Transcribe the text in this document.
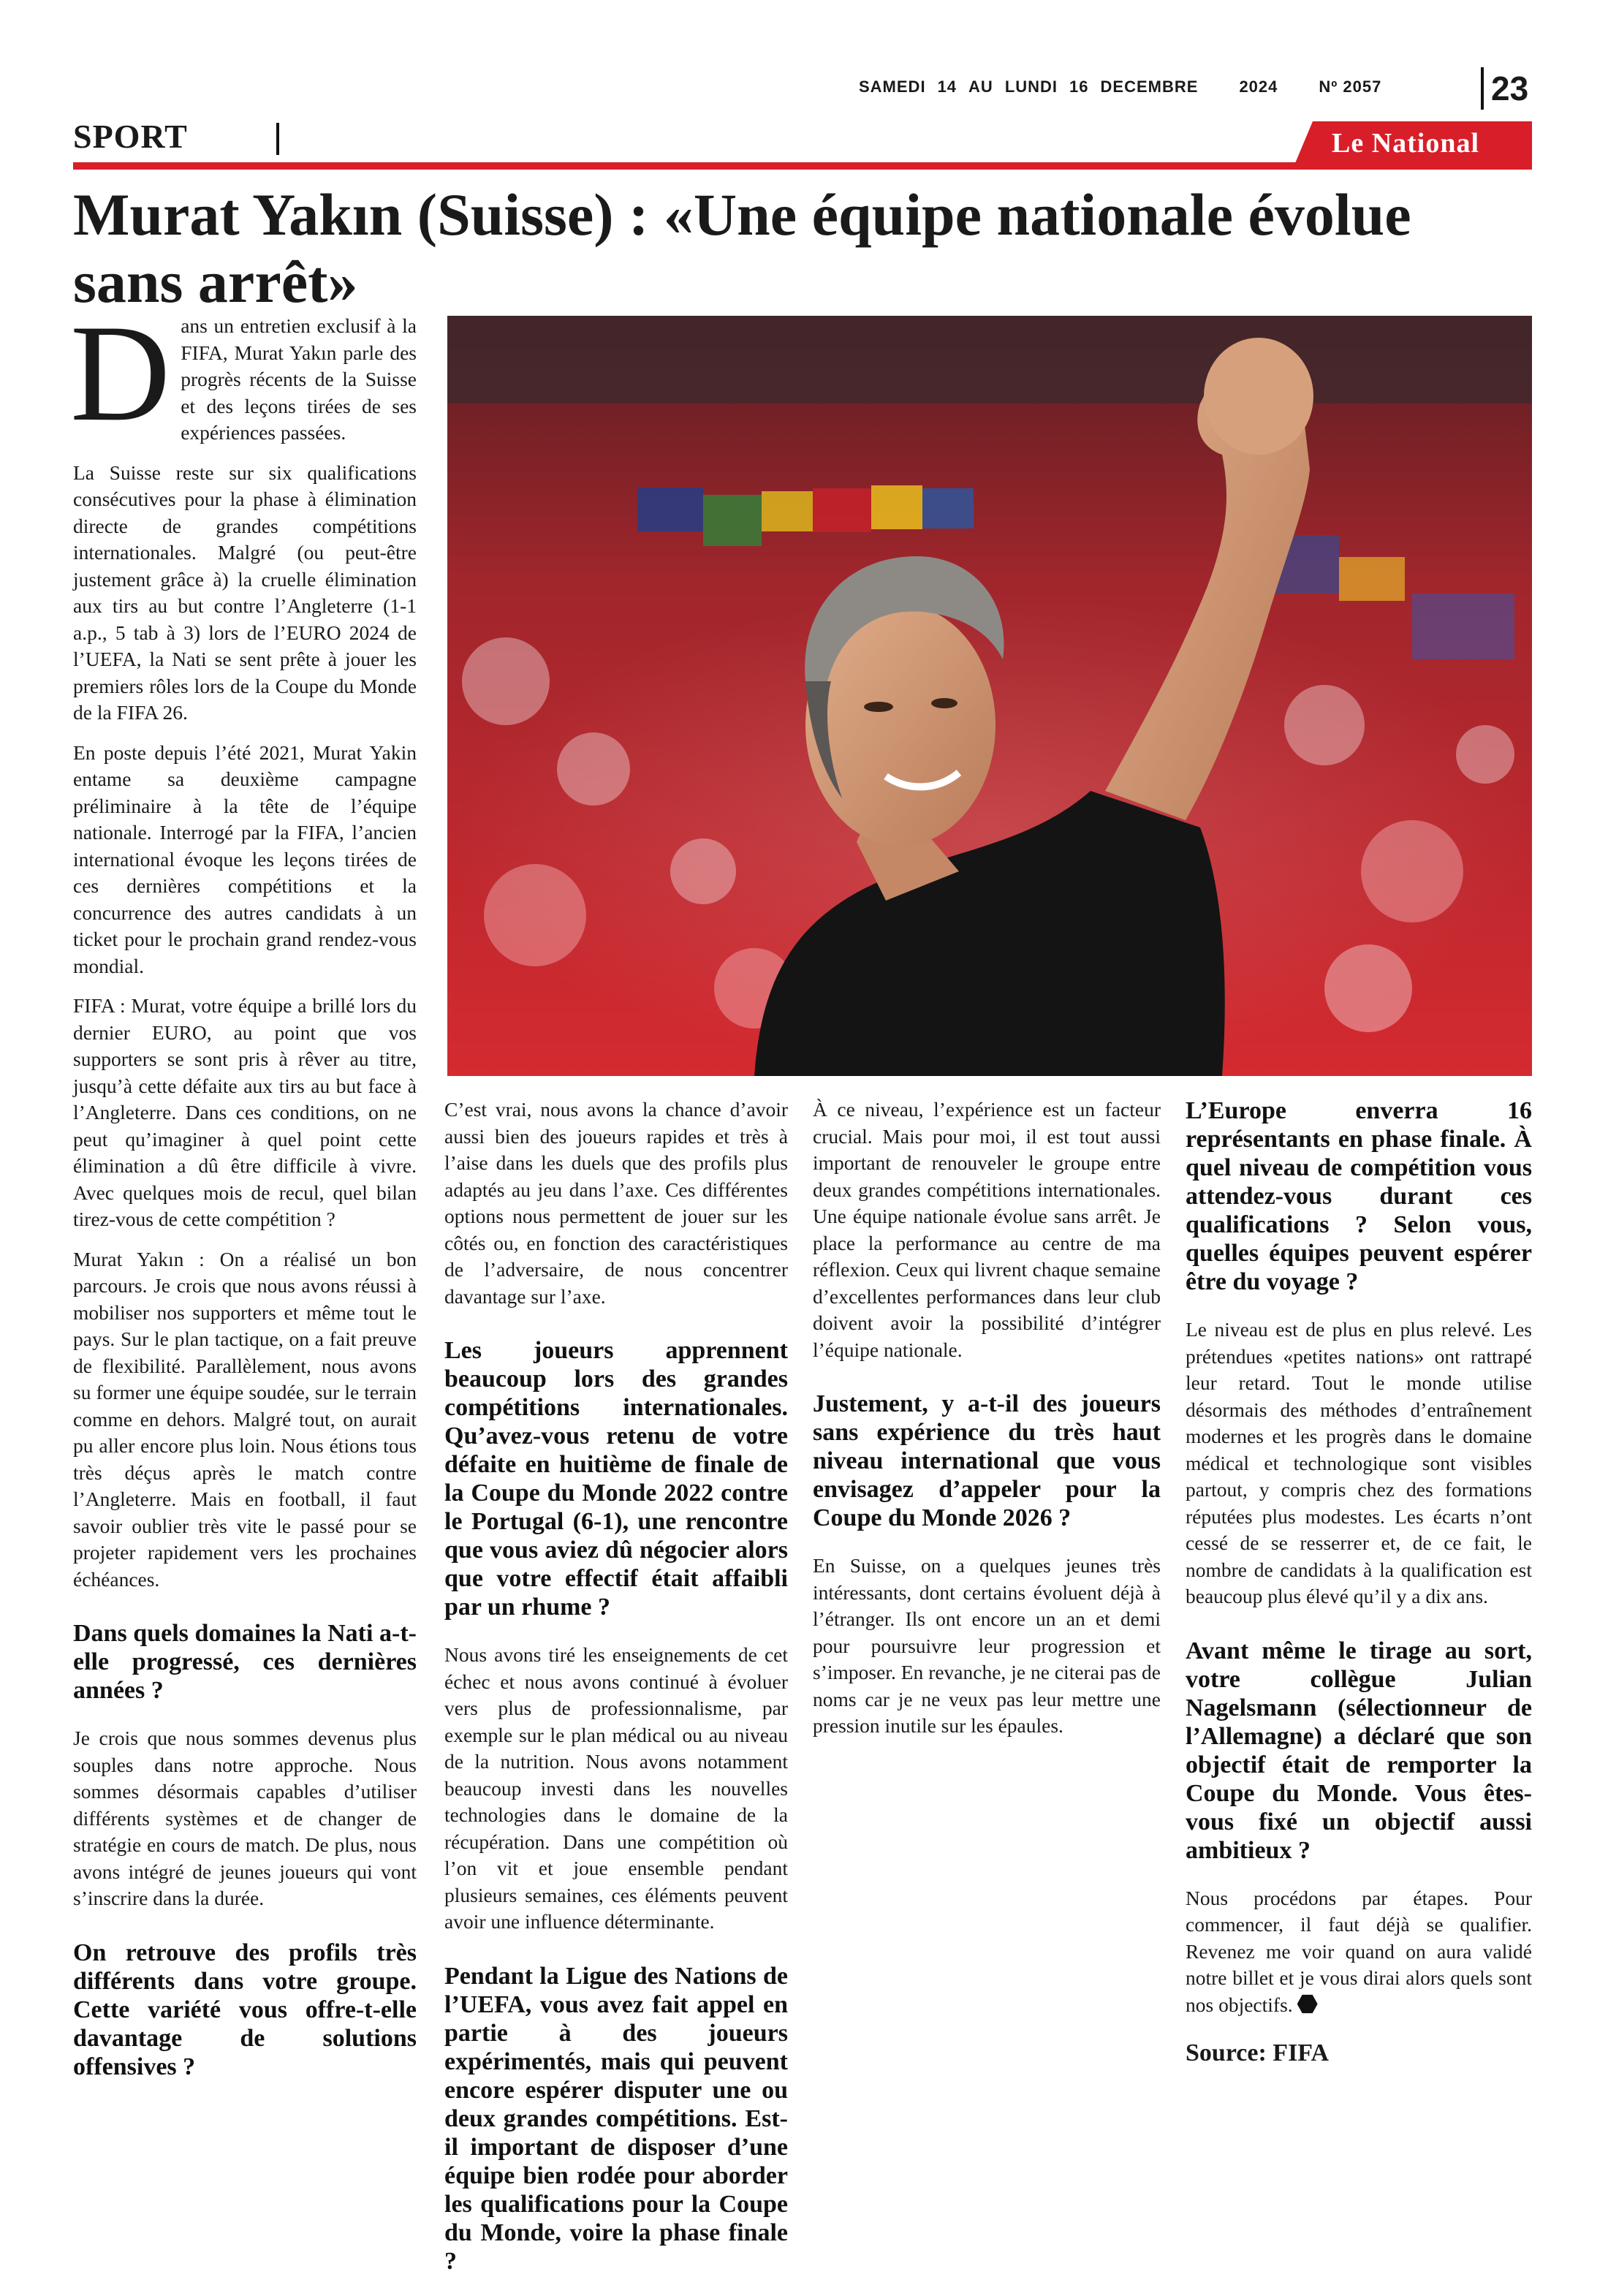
SAMEDI 14 AU LUNDI 16 DECEMBRE	2024	Nº 2057	23
SPORT	Le National
Murat Yakın (Suisse) : «Une équipe nationale évolue sans arrêt»

Dans un entretien exclusif à la FIFA, Murat Yakın parle des progrès récents de la Suisse et des leçons tirées de ses expériences passées.

La Suisse reste sur six qualifications consécutives pour la phase à élimination directe de grandes compétitions internationales. Malgré (ou peut-être justement grâce à) la cruelle élimination aux tirs au but contre l’Angleterre (1-1 a.p., 5 tab à 3) lors de l’EURO 2024 de l’UEFA, la Nati se sent prête à jouer les premiers rôles lors de la Coupe du Monde de la FIFA 26.

En poste depuis l’été 2021, Murat Yakin entame sa deuxième campagne préliminaire à la tête de l’équipe nationale. Interrogé par la FIFA, l’ancien international évoque les leçons tirées de ces dernières compétitions et la concurrence des autres candidats à un ticket pour le prochain grand rendez-vous mondial.

FIFA : Murat, votre équipe a brillé lors du dernier EURO, au point que vos supporters se sont pris à rêver au titre, jusqu’à cette défaite aux tirs au but face à l’Angleterre. Dans ces conditions, on ne peut qu’imaginer à quel point cette élimination a dû être difficile à vivre. Avec quelques mois de recul, quel bilan tirez-vous de cette compétition ?

Murat Yakın : On a réalisé un bon parcours. Je crois que nous avons réussi à mobiliser nos supporters et même tout le pays. Sur le plan tactique, on a fait preuve de flexibilité. Parallèlement, nous avons su former une équipe soudée, sur le terrain comme en dehors. Malgré tout, on aurait pu aller encore plus loin. Nous étions tous très déçus après le match contre l’Angleterre. Mais en football, il faut savoir oublier très vite le passé pour se projeter rapidement vers les prochaines échéances.

Dans quels domaines la Nati a-t-elle progressé, ces dernières années ?

Je crois que nous sommes devenus plus souples dans notre approche. Nous sommes désormais capables d’utiliser différents systèmes et de changer de stratégie en cours de match. De plus, nous avons intégré de jeunes joueurs qui vont s’inscrire dans la durée.

On retrouve des profils très différents dans votre groupe. Cette variété vous offre-t-elle davantage de solutions offensives ?

C’est vrai, nous avons la chance d’avoir aussi bien des joueurs rapides et très à l’aise dans les duels que des profils plus adaptés au jeu dans l’axe. Ces différentes options nous permettent de jouer sur les côtés ou, en fonction des caractéristiques de l’adversaire, de nous concentrer davantage sur l’axe.

Les joueurs apprennent beaucoup lors des grandes compétitions internationales. Qu’avez-vous retenu de votre défaite en huitième de finale de la Coupe du Monde 2022 contre le Portugal (6-1), une rencontre que vous aviez dû négocier alors que votre effectif était affaibli par un rhume ?

Nous avons tiré les enseignements de cet échec et nous avons continué à évoluer vers plus de professionnalisme, par exemple sur le plan médical ou au niveau de la nutrition. Nous avons notamment beaucoup investi dans les nouvelles technologies dans le domaine de la récupération. Dans une compétition où l’on vit et joue ensemble pendant plusieurs semaines, ces éléments peuvent avoir une influence déterminante.

Pendant la Ligue des Nations de l’UEFA, vous avez fait appel en partie à des joueurs expérimentés, mais qui peuvent encore espérer disputer une ou deux grandes compétitions. Est-il important de disposer d’une équipe bien rodée pour aborder les qualifications pour la Coupe du Monde, voire la phase finale ?

À ce niveau, l’expérience est un facteur crucial. Mais pour moi, il est tout aussi important de renouveler le groupe entre deux grandes compétitions internationales. Une équipe nationale évolue sans arrêt. Je place la performance au centre de ma réflexion. Ceux qui livrent chaque semaine d’excellentes performances dans leur club doivent avoir la possibilité d’intégrer l’équipe nationale.

Justement, y a-t-il des joueurs sans expérience du très haut niveau international que vous envisagez d’appeler pour la Coupe du Monde 2026 ?

En Suisse, on a quelques jeunes très intéressants, dont certains évoluent déjà à l’étranger. Ils ont encore un an et demi pour poursuivre leur progression et s’imposer. En revanche, je ne citerai pas de noms car je ne veux pas leur mettre une pression inutile sur les épaules.

L’Europe enverra 16 représentants en phase finale. À quel niveau de compétition vous attendez-vous durant ces qualifications ? Selon vous, quelles équipes peuvent espérer être du voyage ?

Le niveau est de plus en plus relevé. Les prétendues «petites nations» ont rattrapé leur retard. Tout le monde utilise désormais des méthodes d’entraînement modernes et les progrès dans le domaine médical et technologique sont visibles partout, y compris chez des formations réputées plus modestes. Les écarts n’ont cessé de se resserrer et, de ce fait, le nombre de candidats à la qualification est beaucoup plus élevé qu’il y a dix ans.

Avant même le tirage au sort, votre collègue Julian Nagelsmann (sélectionneur de l’Allemagne) a déclaré que son objectif était de remporter la Coupe du Monde. Vous êtes-vous fixé un objectif aussi ambitieux ?

Nous procédons par étapes. Pour commencer, il faut déjà se qualifier. Revenez me voir quand on aura validé notre billet et je vous dirai alors quels sont nos objectifs.

Source: FIFA
